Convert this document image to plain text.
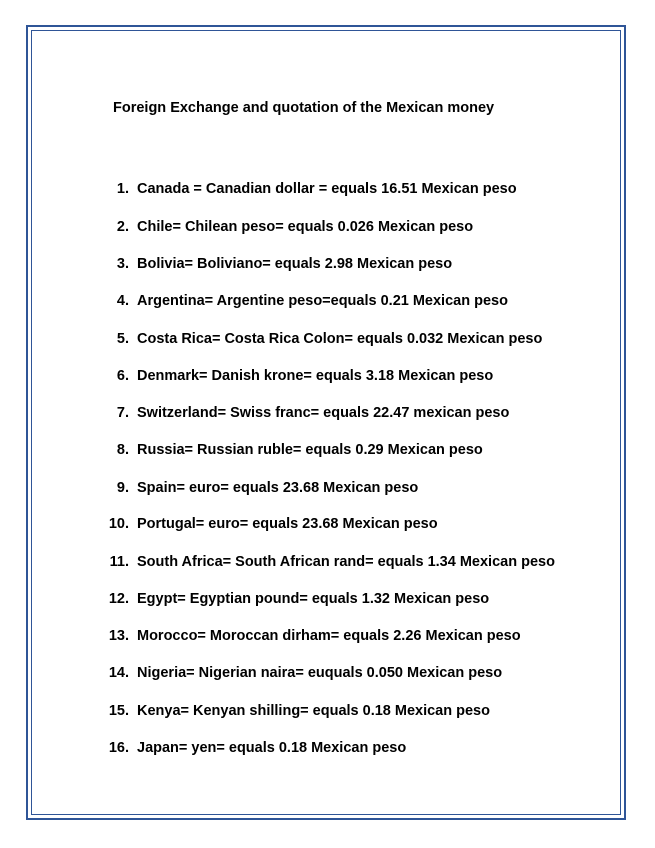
Foreign Exchange and quotation of the Mexican money
1. Canada = Canadian dollar = equals 16.51 Mexican peso
2. Chile= Chilean peso= equals 0.026 Mexican peso
3. Bolivia= Boliviano= equals 2.98 Mexican peso
4. Argentina= Argentine peso=equals 0.21 Mexican peso
5. Costa Rica= Costa Rica Colon= equals 0.032 Mexican peso
6. Denmark= Danish krone= equals 3.18 Mexican peso
7. Switzerland= Swiss franc= equals 22.47 mexican peso
8. Russia= Russian ruble= equals 0.29 Mexican peso
9. Spain= euro= equals 23.68 Mexican peso
10. Portugal= euro= equals 23.68 Mexican peso
11. South Africa= South African rand= equals 1.34 Mexican peso
12. Egypt= Egyptian pound= equals 1.32 Mexican peso
13. Morocco= Moroccan dirham= equals 2.26 Mexican peso
14. Nigeria= Nigerian naira= euquals 0.050 Mexican peso
15. Kenya= Kenyan shilling= equals 0.18 Mexican peso
16. Japan= yen= equals 0.18 Mexican peso
